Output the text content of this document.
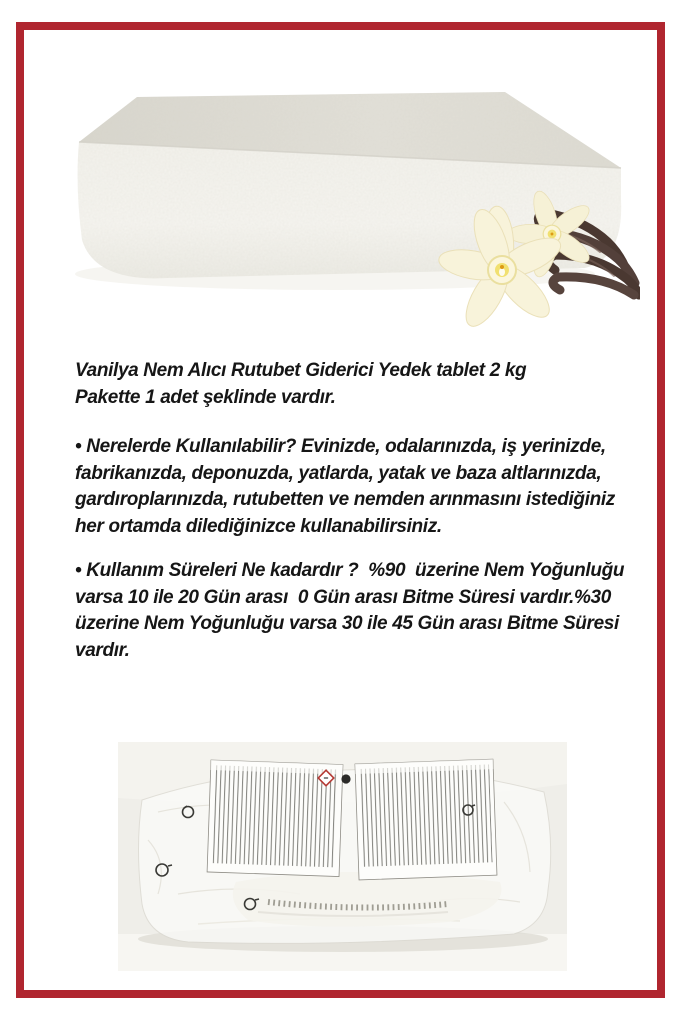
Vanilya Nem Alıcı Rutubet Giderici Yedek tablet 2 kg
Pakette 1 adet şeklinde vardır.

• Nerelerde Kullanılabilir? Evinizde, odalarınızda, iş yerinizde,
fabrikanızda, deponuzda, yatlarda, yatak ve baza altlarınızda,
gardıroplarınızda, rutubetten ve nemden arınmasını istediğiniz
her ortamda dilediğinizce kullanabilirsiniz.

• Kullanım Süreleri Ne kadardır ?  %90  üzerine Nem Yoğunluğu
varsa 10 ile 20 Gün arası  0 Gün arası Bitme Süresi vardır.%30
üzerine Nem Yoğunluğu varsa 30 ile 45 Gün arası Bitme Süresi
vardır.
